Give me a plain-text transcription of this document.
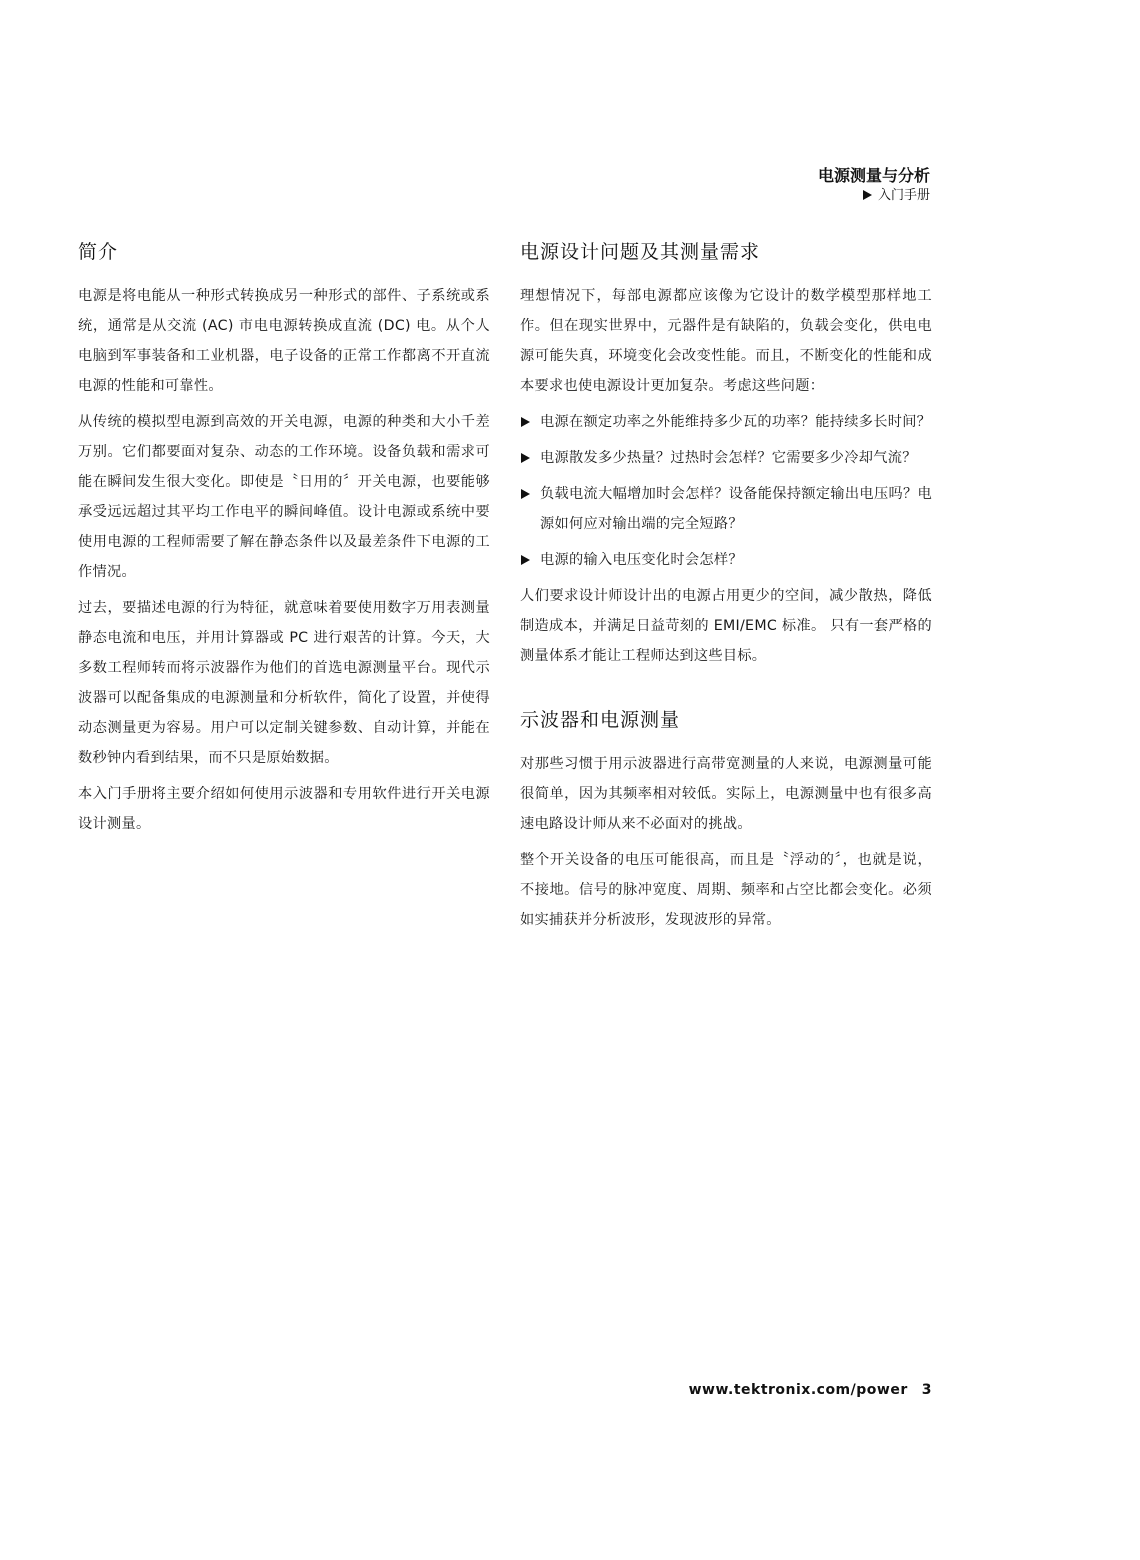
电源测量与分析
入门手册
简介

电源是将电能从一种形式转换成另一种形式的部件、子系统或系统，通常是从交流 (AC) 市电电源转换成直流 (DC) 电。从个人电脑到军事装备和工业机器，电子设备的正常工作都离不开直流电源的性能和可靠性。

从传统的模拟型电源到高效的开关电源，电源的种类和大小千差万别。它们都要面对复杂、动态的工作环境。设备负载和需求可能在瞬间发生很大变化。即使是〝日用的〞开关电源，也要能够承受远远超过其平均工作电平的瞬间峰值。设计电源或系统中要使用电源的工程师需要了解在静态条件以及最差条件下电源的工作情况。

过去，要描述电源的行为特征，就意味着要使用数字万用表测量静态电流和电压，并用计算器或 PC 进行艰苦的计算。今天，大多数工程师转而将示波器作为他们的首选电源测量平台。现代示波器可以配备集成的电源测量和分析软件，简化了设置，并使得动态测量更为容易。用户可以定制关键参数、自动计算，并能在数秒钟内看到结果，而不只是原始数据。

本入门手册将主要介绍如何使用示波器和专用软件进行开关电源设计测量。

电源设计问题及其测量需求

理想情况下，每部电源都应该像为它设计的数学模型那样地工作。但在现实世界中，元器件是有缺陷的，负载会变化，供电电源可能失真，环境变化会改变性能。而且，不断变化的性能和成本要求也使电源设计更加复杂。考虑这些问题：

电源在额定功率之外能维持多少瓦的功率？能持续多长时间？
电源散发多少热量？过热时会怎样？它需要多少冷却气流？
负载电流大幅增加时会怎样？设备能保持额定输出电压吗？电源如何应对输出端的完全短路？
电源的输入电压变化时会怎样？

人们要求设计师设计出的电源占用更少的空间，减少散热，降低制造成本，并满足日益苛刻的 EMI/EMC 标准。 只有一套严格的测量体系才能让工程师达到这些目标。

示波器和电源测量

对那些习惯于用示波器进行高带宽测量的人来说，电源测量可能很简单，因为其频率相对较低。实际上，电源测量中也有很多高速电路设计师从来不必面对的挑战。

整个开关设备的电压可能很高，而且是〝浮动的〞，也就是说，不接地。信号的脉冲宽度、周期、频率和占空比都会变化。必须如实捕获并分析波形，发现波形的异常。

www.tektronix.com/power 3
